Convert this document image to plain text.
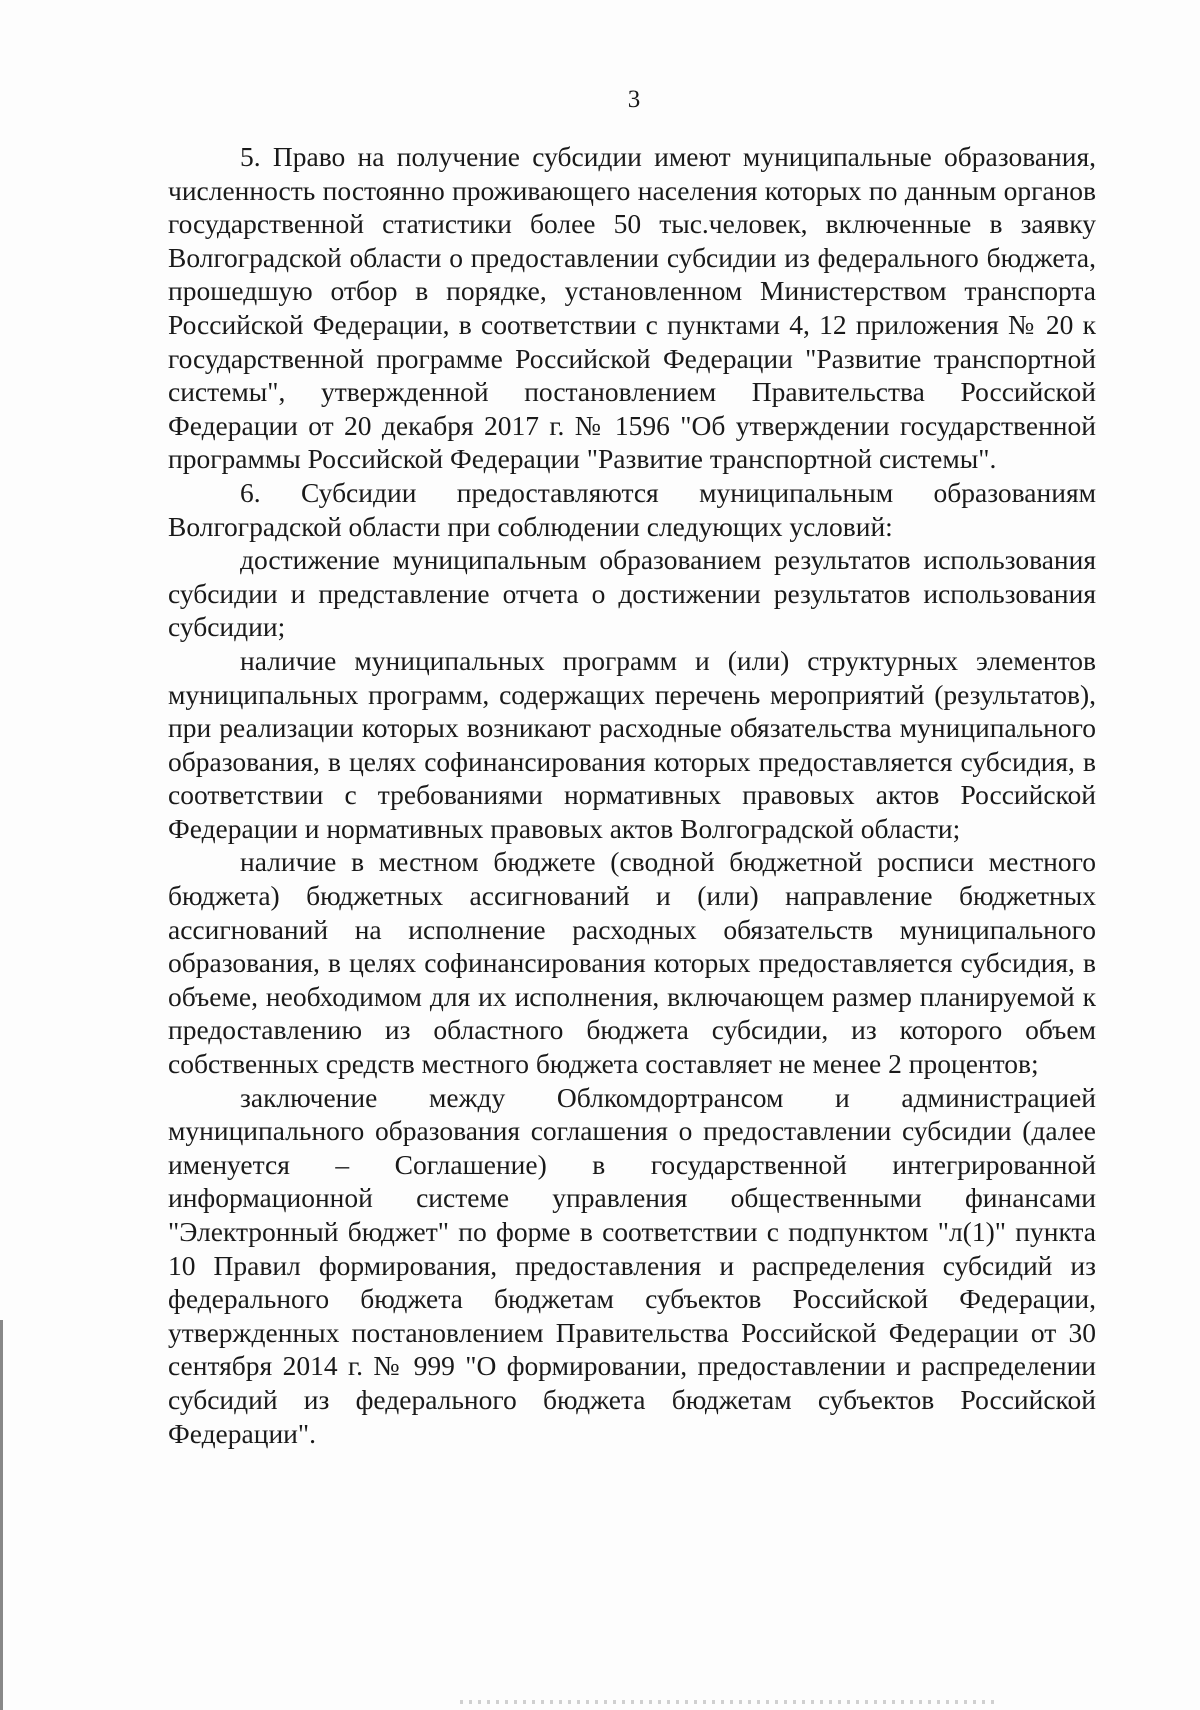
3

5. Право на получение субсидии имеют муниципальные образования, численность постоянно проживающего населения которых по данным органов государственной статистики более 50 тыс.человек, включенные в заявку Волгоградской области о предоставлении субсидии из федерального бюджета, прошедшую отбор в порядке, установленном Министерством транспорта Российской Федерации, в соответствии с пунктами 4, 12 приложения № 20 к государственной программе Российской Федерации "Развитие транспортной системы", утвержденной постановлением Правительства Российской Федерации от 20 декабря 2017 г. № 1596 "Об утверждении государственной программы Российской Федерации "Развитие транспортной системы".

6. Субсидии предоставляются муниципальным образованиям Волгоградской области при соблюдении следующих условий:

достижение муниципальным образованием результатов использования субсидии и представление отчета о достижении результатов использования субсидии;

наличие муниципальных программ и (или) структурных элементов муниципальных программ, содержащих перечень мероприятий (результатов), при реализации которых возникают расходные обязательства муниципального образования, в целях софинансирования которых предоставляется субсидия, в соответствии с требованиями нормативных правовых актов Российской Федерации и нормативных правовых актов Волгоградской области;

наличие в местном бюджете (сводной бюджетной росписи местного бюджета) бюджетных ассигнований и (или) направление бюджетных ассигнований на исполнение расходных обязательств муниципального образования, в целях софинансирования которых предоставляется субсидия, в объеме, необходимом для их исполнения, включающем размер планируемой к предоставлению из областного бюджета субсидии, из которого объем собственных средств местного бюджета составляет не менее 2 процентов;

заключение между Облкомдортрансом и администрацией муниципального образования соглашения о предоставлении субсидии (далее именуется – Соглашение) в государственной интегрированной информационной системе управления общественными финансами "Электронный бюджет" по форме в соответствии с подпунктом "л(1)" пункта 10 Правил формирования, предоставления и распределения субсидий из федерального бюджета бюджетам субъектов Российской Федерации, утвержденных постановлением Правительства Российской Федерации от 30 сентября 2014 г. № 999 "О формировании, предоставлении и распределении субсидий из федерального бюджета бюджетам субъектов Российской Федерации".
